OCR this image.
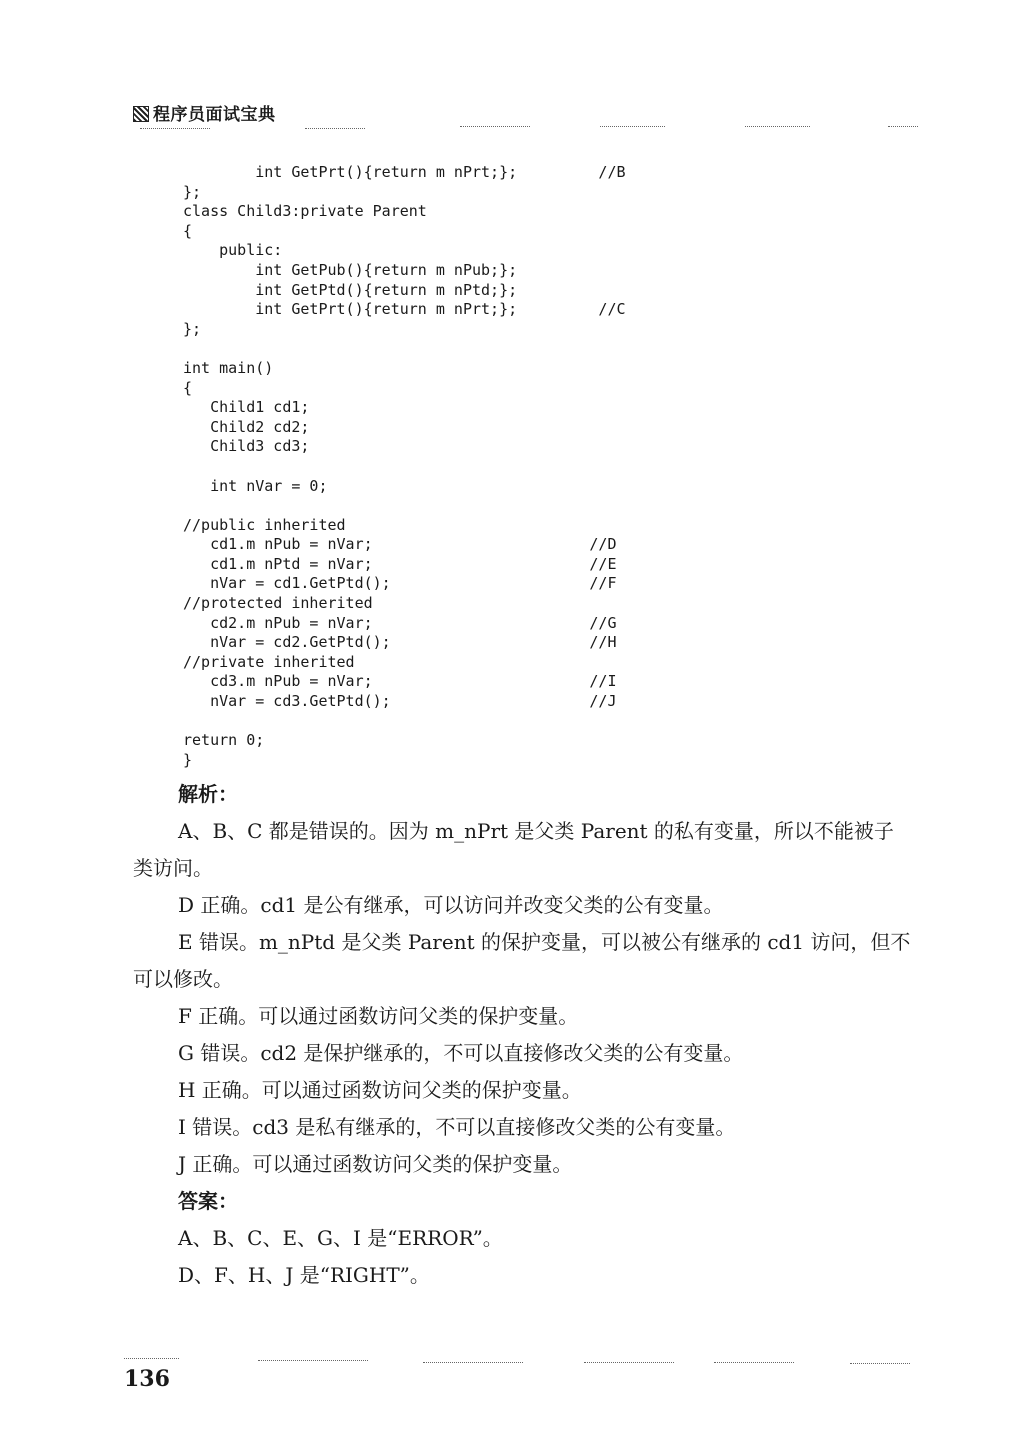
程序员面试宝典
int GetPrt(){return m nPrt;};         //B
};
class Child3:private Parent
{
public:
int GetPub(){return m nPub;};
int GetPtd(){return m nPtd;};
int GetPrt(){return m nPrt;};         //C
};

int main()
{
Child1 cd1;
Child2 cd2;
Child3 cd3;

int nVar = 0;

//public inherited
cd1.m nPub = nVar;                        //D
cd1.m nPtd = nVar;                        //E
nVar = cd1.GetPtd();                      //F
//protected inherited
cd2.m nPub = nVar;                        //G
nVar = cd2.GetPtd();                      //H
//private inherited
cd3.m nPub = nVar;                        //I
nVar = cd3.GetPtd();                      //J

return 0;
}
解析：

A、B、C 都是错误的。因为 m_nPrt 是父类 Parent 的私有变量，所以不能被子类访问。

D 正确。cd1 是公有继承，可以访问并改变父类的公有变量。

E 错误。m_nPtd 是父类 Parent 的保护变量，可以被公有继承的 cd1 访问，但不可以修改。

F 正确。可以通过函数访问父类的保护变量。

G 错误。cd2 是保护继承的，不可以直接修改父类的公有变量。

H 正确。可以通过函数访问父类的保护变量。

I 错误。cd3 是私有继承的，不可以直接修改父类的公有变量。

J 正确。可以通过函数访问父类的保护变量。

答案：

A、B、C、E、G、I 是“ERROR”。

D、F、H、J 是“RIGHT”。

136
